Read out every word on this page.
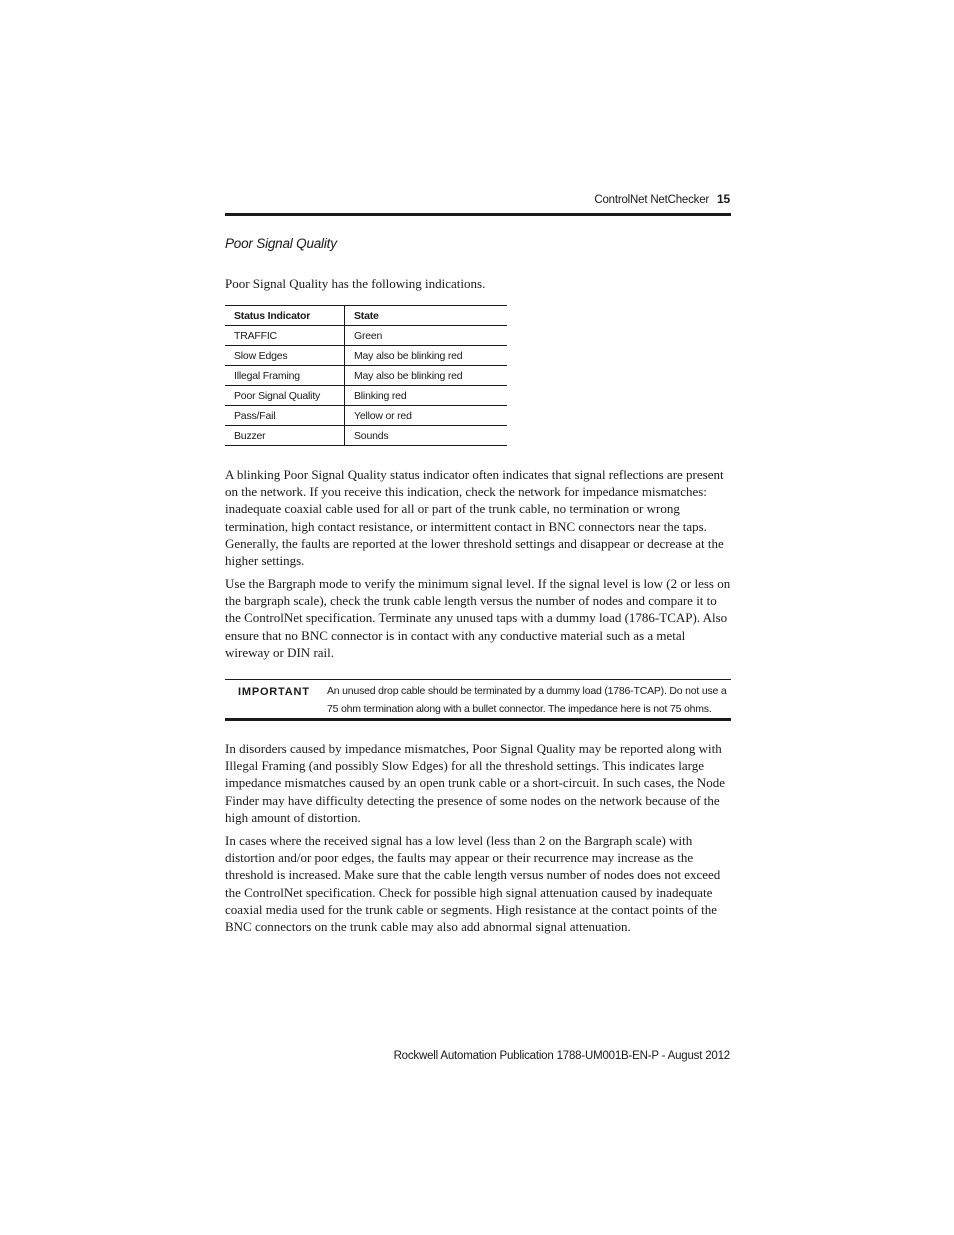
ControlNet NetChecker 15
Poor Signal Quality
Poor Signal Quality has the following indications.
Status Indicator	State
TRAFFIC	Green
Slow Edges	May also be blinking red
Illegal Framing	May also be blinking red
Poor Signal Quality	Blinking red
Pass/Fail	Yellow or red
Buzzer	Sounds

A blinking Poor Signal Quality status indicator often indicates that signal reflections are present on the network. If you receive this indication, check the network for impedance mismatches: inadequate coaxial cable used for all or part of the trunk cable, no termination or wrong termination, high contact resistance, or intermittent contact in BNC connectors near the taps. Generally, the faults are reported at the lower threshold settings and disappear or decrease at the higher settings.

Use the Bargraph mode to verify the minimum signal level. If the signal level is low (2 or less on the bargraph scale), check the trunk cable length versus the number of nodes and compare it to the ControlNet specification. Terminate any unused taps with a dummy load (1786-TCAP). Also ensure that no BNC connector is in contact with any conductive material such as a metal wireway or DIN rail.

IMPORTANT An unused drop cable should be terminated by a dummy load (1786-TCAP). Do not use a 75 ohm termination along with a bullet connector. The impedance here is not 75 ohms.

In disorders caused by impedance mismatches, Poor Signal Quality may be reported along with Illegal Framing (and possibly Slow Edges) for all the threshold settings. This indicates large impedance mismatches caused by an open trunk cable or a short-circuit. In such cases, the Node Finder may have difficulty detecting the presence of some nodes on the network because of the high amount of distortion.

In cases where the received signal has a low level (less than 2 on the Bargraph scale) with distortion and/or poor edges, the faults may appear or their recurrence may increase as the threshold is increased. Make sure that the cable length versus number of nodes does not exceed the ControlNet specification. Check for possible high signal attenuation caused by inadequate coaxial media used for the trunk cable or segments. High resistance at the contact points of the BNC connectors on the trunk cable may also add abnormal signal attenuation.

Rockwell Automation Publication 1788-UM001B-EN-P - August 2012
